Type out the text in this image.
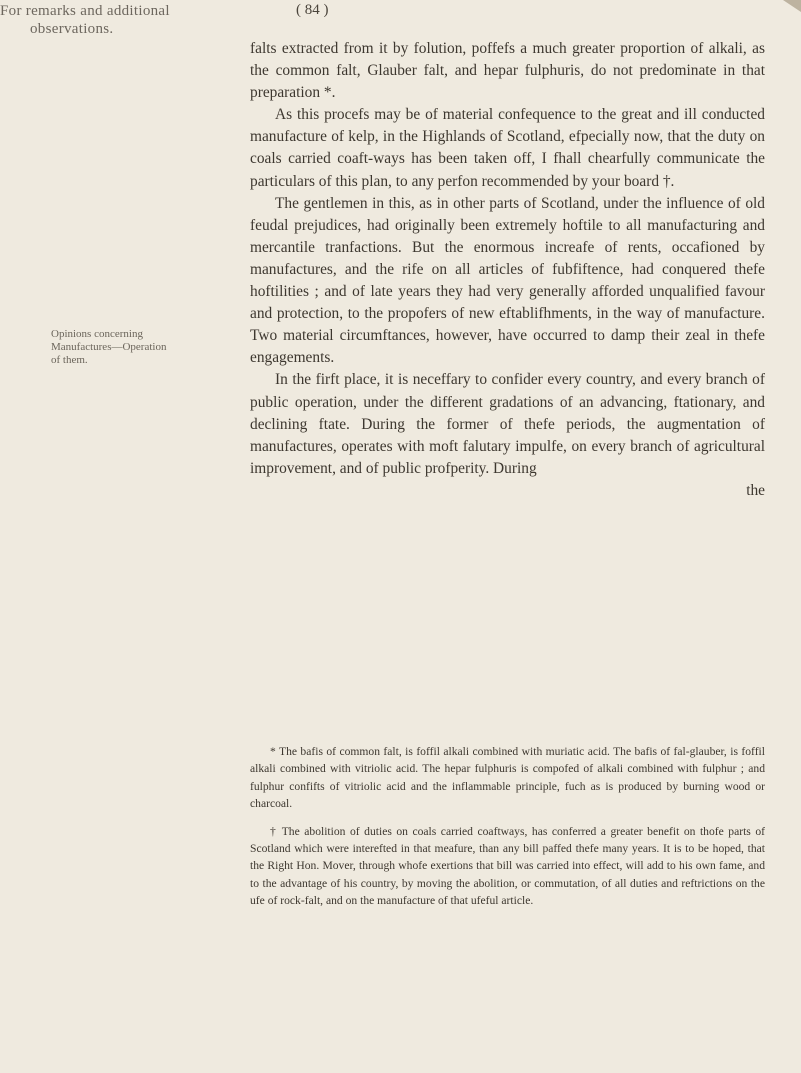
For remarks and additional
observations.
( 84 )
Opinions concerning Manufactures—Operation of them.

falts extracted from it by folution, poffefs a much greater proportion of alkali, as the common falt, Glauber falt, and hepar fulphuris, do not predominate in that preparation *.

As this procefs may be of material confequence to the great and ill conducted manufacture of kelp, in the Highlands of Scotland, efpecially now, that the duty on coals carried coaft-ways has been taken off, I fhall chearfully communicate the particulars of this plan, to any perfon recommended by your board †.

The gentlemen in this, as in other parts of Scotland, under the influence of old feudal prejudices, had originally been extremely hoftile to all manufacturing and mercantile tranfactions. But the enormous increafe of rents, occafioned by manufactures, and the rife on all articles of fubfiftence, had conquered thefe hoftilities ; and of late years they had very generally afforded unqualified favour and protection, to the propofers of new eftablifhments, in the way of manufacture. Two material circumftances, however, have occurred to damp their zeal in thefe engagements.

In the firft place, it is neceffary to confider every country, and every branch of public operation, under the different gradations of an advancing, ftationary, and declining ftate. During the former of thefe periods, the augmentation of manufactures, operates with moft falutary impulfe, on every branch of agricultural improvement, and of public profperity. During

the

* The bafis of common falt, is foffil alkali combined with muriatic acid. The bafis of fal-glauber, is foffil alkali combined with vitriolic acid. The hepar fulphuris is compofed of alkali combined with fulphur ; and fulphur confifts of vitriolic acid and the inflammable principle, fuch as is produced by burning wood or charcoal.

† The abolition of duties on coals carried coaftways, has conferred a greater benefit on thofe parts of Scotland which were interefted in that meafure, than any bill paffed thefe many years. It is to be hoped, that the Right Hon. Mover, through whofe exertions that bill was carried into effect, will add to his own fame, and to the advantage of his country, by moving the abolition, or commutation, of all duties and reftrictions on the ufe of rock-falt, and on the manufacture of that ufeful article.
